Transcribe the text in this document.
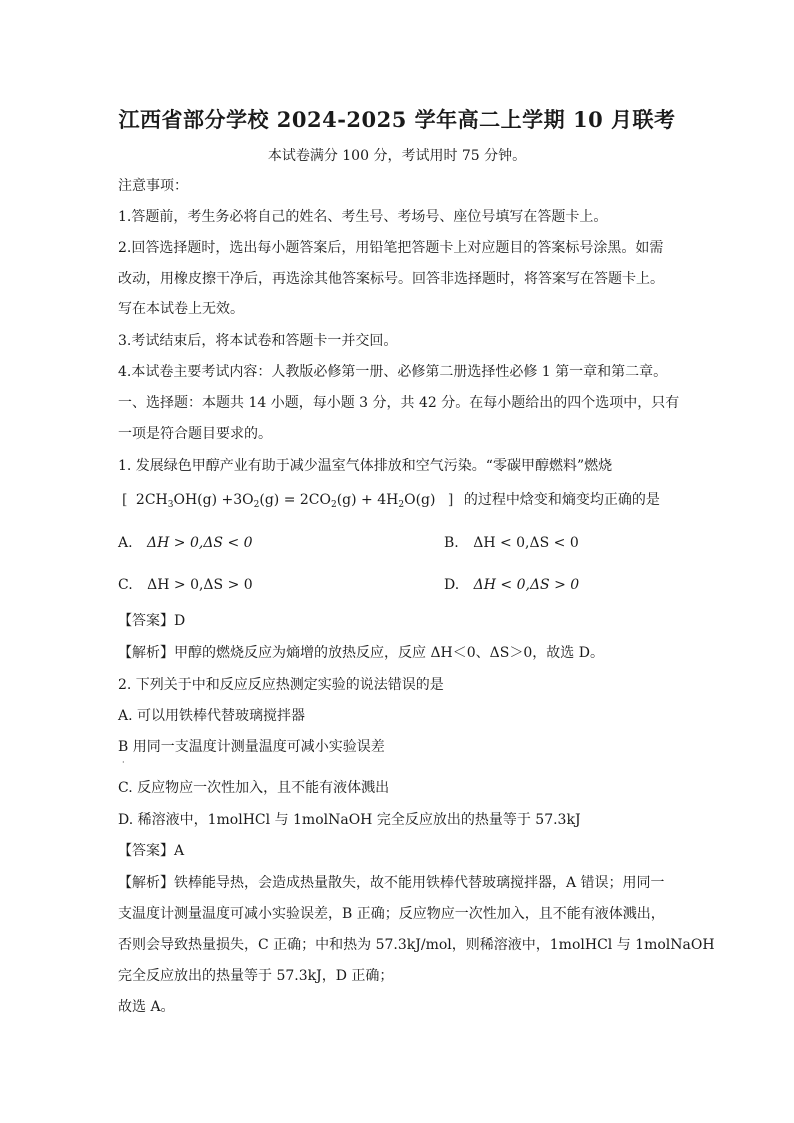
江西省部分学校 2024-2025 学年高二上学期 10 月联考
本试卷满分 100 分，考试用时 75 分钟。
注意事项：
1.答题前，考生务必将自己的姓名、考生号、考场号、座位号填写在答题卡上。
2.回答选择题时，选出每小题答案后，用铅笔把答题卡上对应题目的答案标号涂黑。如需
改动，用橡皮擦干净后，再选涂其他答案标号。回答非选择题时，将答案写在答题卡上。
写在本试卷上无效。
3.考试结束后，将本试卷和答题卡一并交回。
4.本试卷主要考试内容：人教版必修第一册、必修第二册选择性必修 1 第一章和第二章。
一、选择题：本题共 14 小题，每小题 3 分，共 42 分。在每小题给出的四个选项中，只有
一项是符合题目要求的。
1. 发展绿色甲醇产业有助于减少温室气体排放和空气污染。“零碳甲醇燃料”燃烧
[ $2CH_3OH(g) +3O_2(g) = 2CO_2(g) + 4H_2O(g)$ ] 的过程中焓变和熵变均正确的是
A. ΔH > 0,ΔS < 0	B. ΔH < 0,ΔS < 0
C. ΔH > 0,ΔS > 0	D. ΔH < 0,ΔS > 0
【答案】D
【解析】甲醇的燃烧反应为熵增的放热反应，反应 ΔH＜0、ΔS＞0，故选 D。
2. 下列关于中和反应反应热测定实验的说法错误的是
A. 可以用铁棒代替玻璃搅拌器
B 用同一支温度计测量温度可减小实验误差
·
C. 反应物应一次性加入，且不能有液体溅出
D. 稀溶液中，1molHCl 与 1molNaOH 完全反应放出的热量等于 57.3kJ
【答案】A
【解析】铁棒能导热，会造成热量散失，故不能用铁棒代替玻璃搅拌器，A 错误；用同一
支温度计测量温度可减小实验误差，B 正确；反应物应一次性加入，且不能有液体溅出，
否则会导致热量损失，C 正确；中和热为 57.3kJ/mol，则稀溶液中，1molHCl 与 1molNaOH
完全反应放出的热量等于 57.3kJ，D 正确；
故选 A。
